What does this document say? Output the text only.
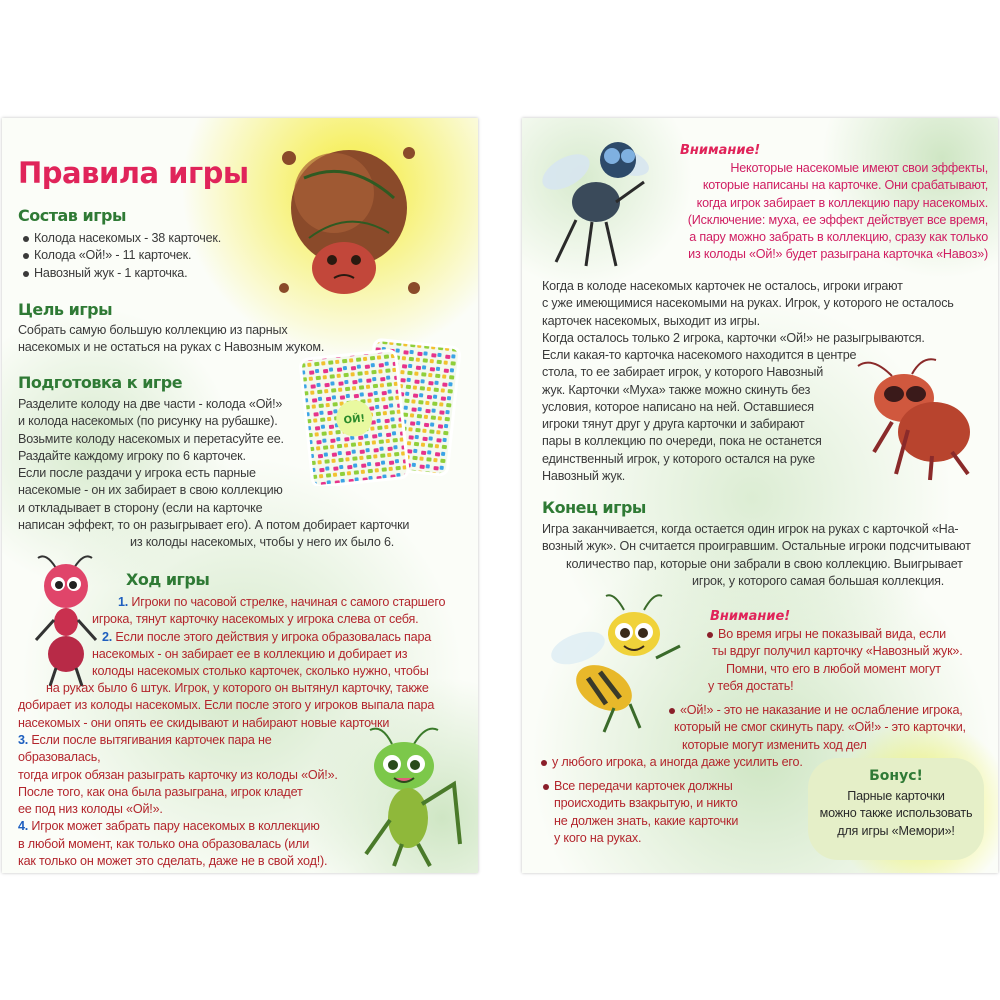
Правила игры
Состав игры
Колода насекомых - 38 карточек.
Колода «Ой!» - 11 карточек.
Навозный жук - 1 карточка.
Цель игры
Собрать самую большую коллекцию из парных
насекомых и не остаться на руках с Навозным жуком.
ОЙ!
Подготовка к игре
Разделите колоду на две части - колода «Ой!»
и колода насекомых (по рисунку на рубашке).
Возьмите колоду насекомых и перетасуйте ее.
Раздайте каждому игроку по 6 карточек.
Если после раздачи у игрока есть парные
насекомые - он их забирает в свою коллекцию
и откладывает в сторону (если на карточке
написан эффект, то он разыгрывает его). А потом добирает карточки
из колоды насекомых, чтобы у него их было 6.
Ход игры
1. Игроки по часовой стрелке, начиная с самого старшего
игрока, тянут карточку насекомых у игрока слева от себя.
2. Если после этого действия у игрока образовалась пара
насекомых - он забирает ее в коллекцию и добирает из
колоды насекомых столько карточек, сколько нужно, чтобы
на руках было 6 штук. Игрок, у которого он вытянул карточку, также
добирает из колоды насекомых. Если после этого у игроков выпала пара
насекомых - они опять ее скидывают и набирают новые карточки
3. Если после вытягивания карточек пара не образовалась,
тогда игрок обязан разыграть карточку из колоды «Ой!».
После того, как она была разыграна, игрок кладет
ее под низ колоды «Ой!».
4. Игрок может забрать пару насекомых в коллекцию
в любой момент, как только она образовалась (или
как только он может это сделать, даже не в свой ход!).
Внимание!
Некоторые насекомые имеют свои эффекты,
которые написаны на карточке. Они срабатывают,
когда игрок забирает в коллекцию пару насекомых.
(Исключение: муха, ее эффект действует все время,
а пару можно забрать в коллекцию, сразу как только
из колоды «Ой!» будет разыграна карточка «Навоз»)
Когда в колоде насекомых карточек не осталось, игроки играют
с уже имеющимися насекомыми на руках. Игрок, у которого не осталось
карточек насекомых, выходит из игры.
Когда осталось только 2 игрока, карточки «Ой!» не разыгрываются.
Если какая-то карточка насекомого находится в центре
стола, то ее забирает игрок, у которого Навозный
жук. Карточки «Муха» также можно скинуть без
условия, которое написано на ней. Оставшиеся
игроки тянут друг у друга карточки и забирают
пары в коллекцию по очереди, пока не останется
единственный игрок, у которого остался на руке
Навозный жук.
Конец игры
Игра заканчивается, когда остается один игрок на руках с карточкой «На-
возный жук». Он считается проигравшим. Остальные игроки подсчитывают
количество пар, которые они забрали в свою коллекцию. Выигрывает
игрок, у которого самая большая коллекция.
Внимание!
Во время игры не показывай вида, если
ты вдруг получил карточку «Навозный жук».
Помни, что его в любой момент могут
у тебя достать!
«Ой!» - это не наказание и не ослабление игрока,
который не смог скинуть пару. «Ой!» - это карточки,
которые могут изменить ход дел
у любого игрока, а иногда даже усилить его.
Все передачи карточек должны
происходить взакрытую, и никто
не должен знать, какие карточки
у кого на руках.
Бонус!
Парные карточки
можно также использовать
для игры «Мемори»!
